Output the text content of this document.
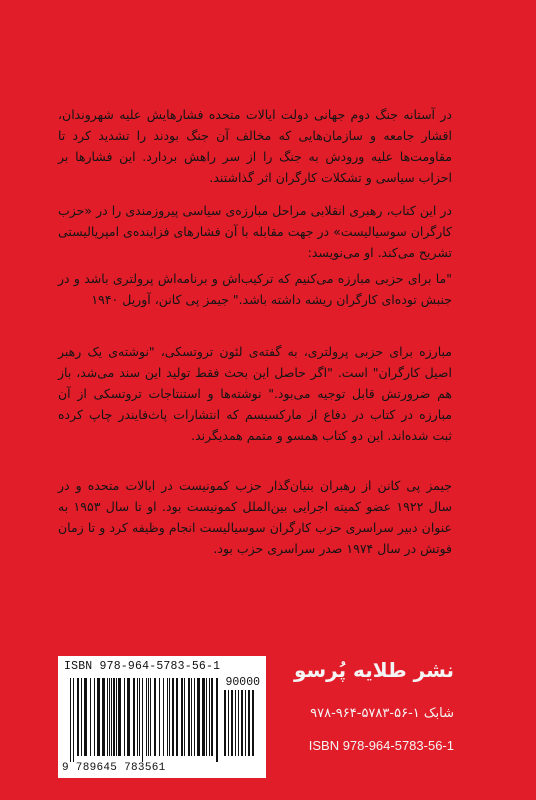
در آستانه جنگ دوم جهانی دولت ایالات متحده فشارهایش علیه شهروندان، اقشار جامعه و سازمان‌هایی که مخالف آن جنگ بودند را تشدید کرد تا مقاومت‌ها علیه ورودش به جنگ را از سر راهش بردارد. این فشارها بر احزاب سیاسی و تشکلات کارگران اثر گذاشتند.

در این کتاب، رهبری انقلابی مراحل مبارزه‌ی سیاسی پیروزمندی را در «حزب کارگران سوسیالیست» در جهت مقابله با آن فشارهای فزاینده‌ی امپریالیستی تشریح می‌کند. او می‌نویسد:

"ما برای حزبی مبارزه می‌کنیم که ترکیب‌اش و برنامه‌اش پرولتری باشد و در جنبش توده‌ای کارگران ریشه داشته باشد." جیمز پی کانن، آوریل ۱۹۴۰

مبارزه برای حزبی پرولتری، به گفته‌ی لئون تروتسکی، "نوشته‌ی یک رهبر اصیل کارگران" است. "اگر حاصل این بحث فقط تولید این سند می‌شد، باز هم ضرورتش قابل توجیه می‌بود." نوشته‌ها و استنتاجات تروتسکی از آن مبارزه در کتاب در دفاع از مارکسیسم که انتشارات پاث‌فایندر چاپ کرده ثبت شده‌اند. این دو کتاب همسو و متمم همدیگرند.

جیمز پی کانن از رهبران بنیان‌گذار حزب کمونیست در ایالات متحده و در سال ۱۹۲۲ عضو کمیته اجرایی بین‌الملل کمونیست بود. او تا سال ۱۹۵۳ به عنوان دبیر سراسری حزب کارگران سوسیالیست انجام وظیفه کرد و تا زمان فوتش در سال ۱۹۷۴ صدر سراسری حزب بود.

ISBN 978-964-5783-56-1
90000
9 789645 783561
نشر طلایه پُرسو
شابک ۱-۵۶-۵۷۸۳-۹۶۴-۹۷۸
ISBN 978-964-5783-56-1
